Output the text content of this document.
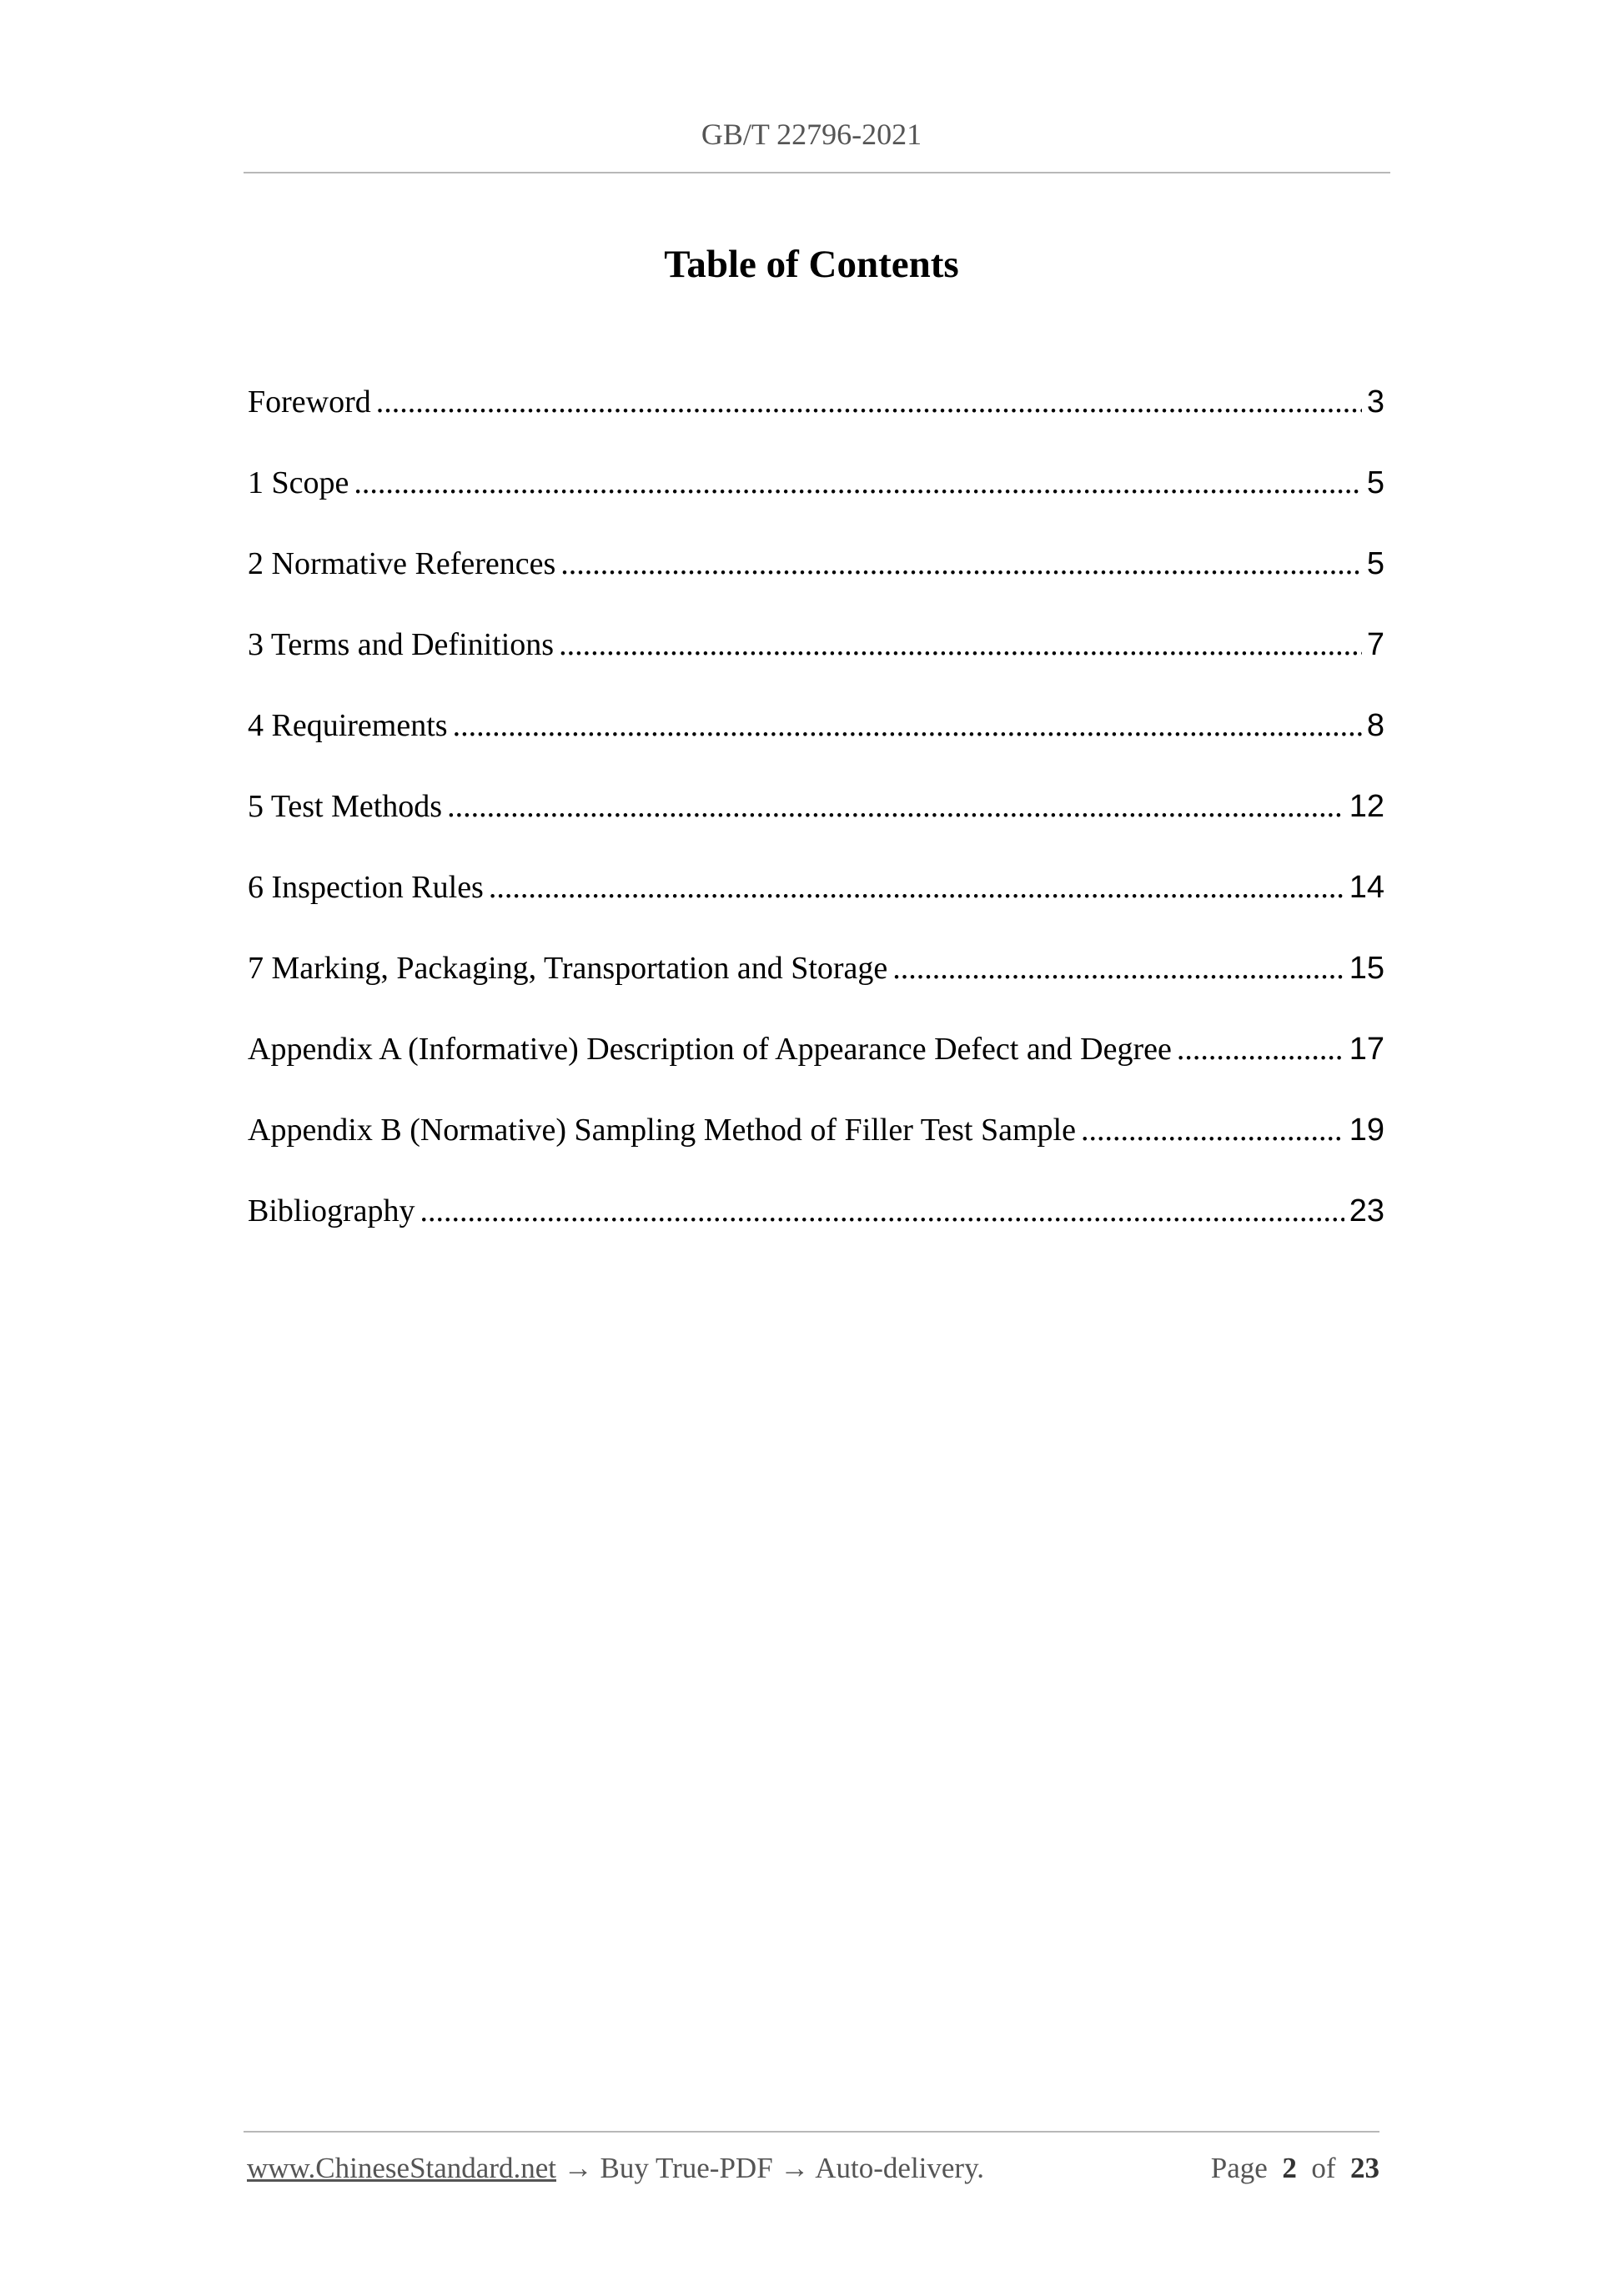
GB/T 22796-2021
Table of Contents
Foreword .....	3
1 Scope .....	5
2 Normative References .....	5
3 Terms and Definitions .....	7
4 Requirements .....	8
5 Test Methods .....	12
6 Inspection Rules .....	14
7 Marking, Packaging, Transportation and Storage .....	15
Appendix A (Informative) Description of Appearance Defect and Degree .....	17
Appendix B (Normative) Sampling Method of Filler Test Sample .....	19
Bibliography .....	23
www.ChineseStandard.net → Buy True-PDF → Auto-delivery.	Page 2 of 23
